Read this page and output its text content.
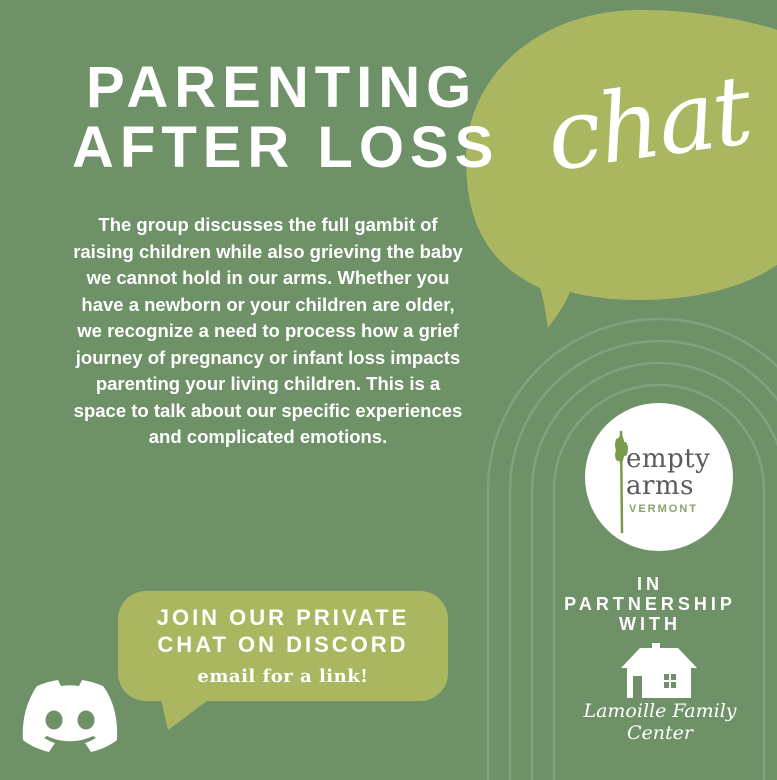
PARENTING
AFTER LOSS chat
The group discusses the full gambit of raising children while also grieving the baby we cannot hold in our arms. Whether you have a newborn or your children are older, we recognize a need to process how a grief journey of pregnancy or infant loss impacts parenting your living children. This is a space to talk about our specific experiences and complicated emotions.
empty
arms
VERMONT
IN
PARTNERSHIP
WITH
Lamoille Family
Center
JOIN OUR PRIVATE
CHAT ON DISCORD
email for a link!
